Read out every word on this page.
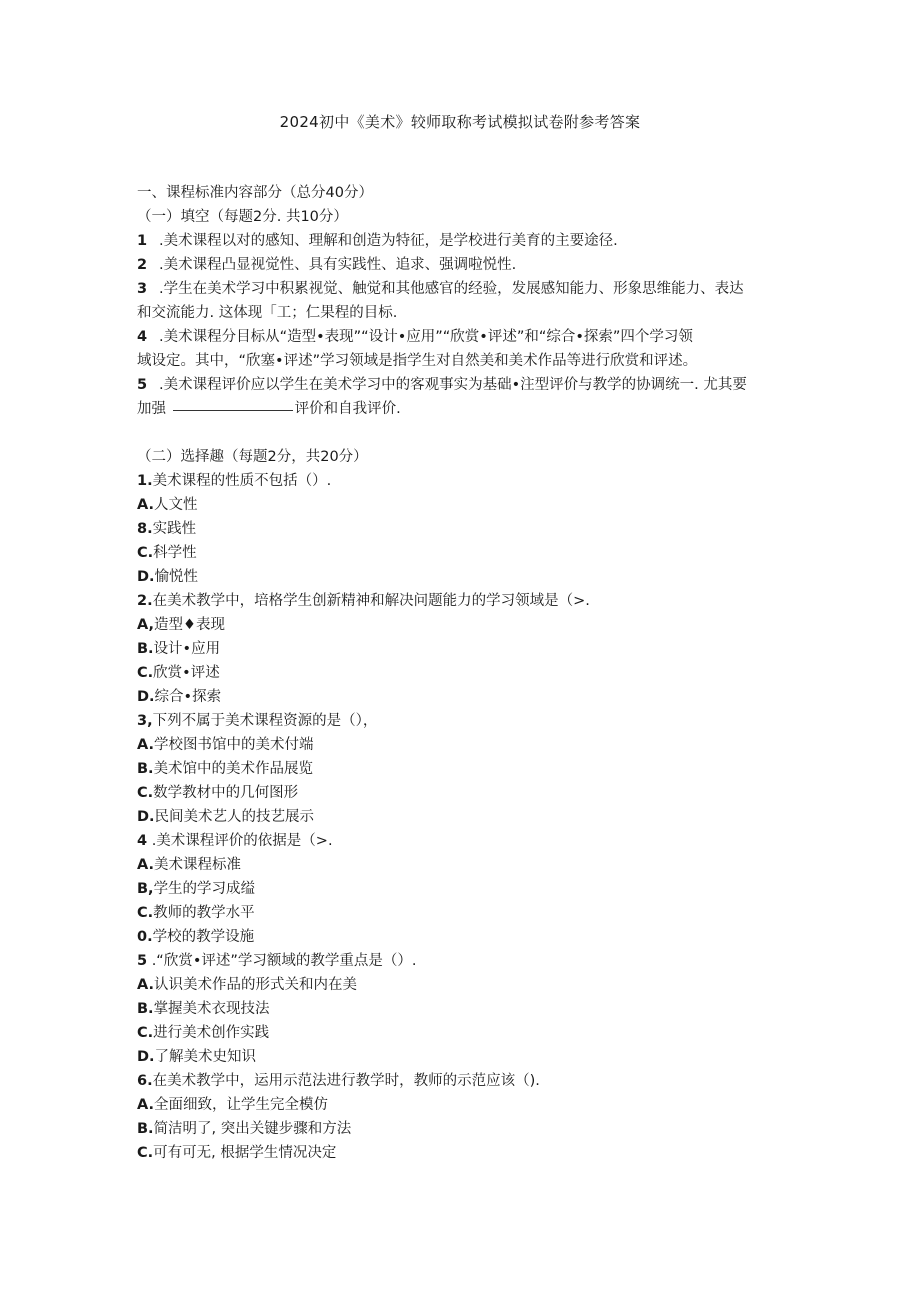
2024初中《美术》较师取称考试模拟试卷附参考答案
一、课程标准内容部分（总分40分）
（一）填空（每题2分. 共10分）
1 .美术课程以对的感知、理解和创造为特征，是学校进行美育的主要途径.
2 .美术课程凸显视觉性、具有实践性、追求、强调啦悦性.
3 .学生在美术学习中积累视觉、触觉和其他感官的经验，发展感知能力、形象思维能力、表达
和交流能力. 这体现「工；仁果程的目标.
4 .美术课程分目标从“造型•表现”“设计•应用”“欣赏•评述”和“综合•探索”四个学习领
域设定。其中，“欣塞•评述”学习领域是指学生对自然美和美术作品等进行欣赏和评述。
5 .美术课程评价应以学生在美术学习中的客观事实为基础•注型评价与教学的协调统一. 尤其要
加强	评价和自我评价.
（二）选择趣（每题2分，共20分）
1.美术课程的性质不包括（）.
A.人文性
8.实践性
C.科学性
D.愉悦性
2.在美术教学中，培格学生创新精神和解决问题能力的学习领域是（>.
A,造型♦表现
B.设计•应用
C.欣赏•评述
D.综合•探索
3,下列不属于美术课程资源的是（），
A.学校图书馆中的美术付端
B.美术馆中的美术作品展览
C.数学教材中的几何图形
D.民间美术艺人的技艺展示
4 .美术课程评价的依据是（>.
A.美术课程标准
B,学生的学习成缢
C.教师的教学水平
0.学校的教学设施
5 .“欣赏•评述”学习额域的教学重点是（）.
A.认识美术作品的形式关和内在美
B.掌握美术衣现技法
C.进行美术创作实践
D.了解美术史知识
6.在美术教学中，运用示范法进行教学时，教师的示范应该（).
A.全面细致，让学生完全模仿
B.简洁明了, 突出关键步骤和方法
C.可有可无, 根据学生情况决定
